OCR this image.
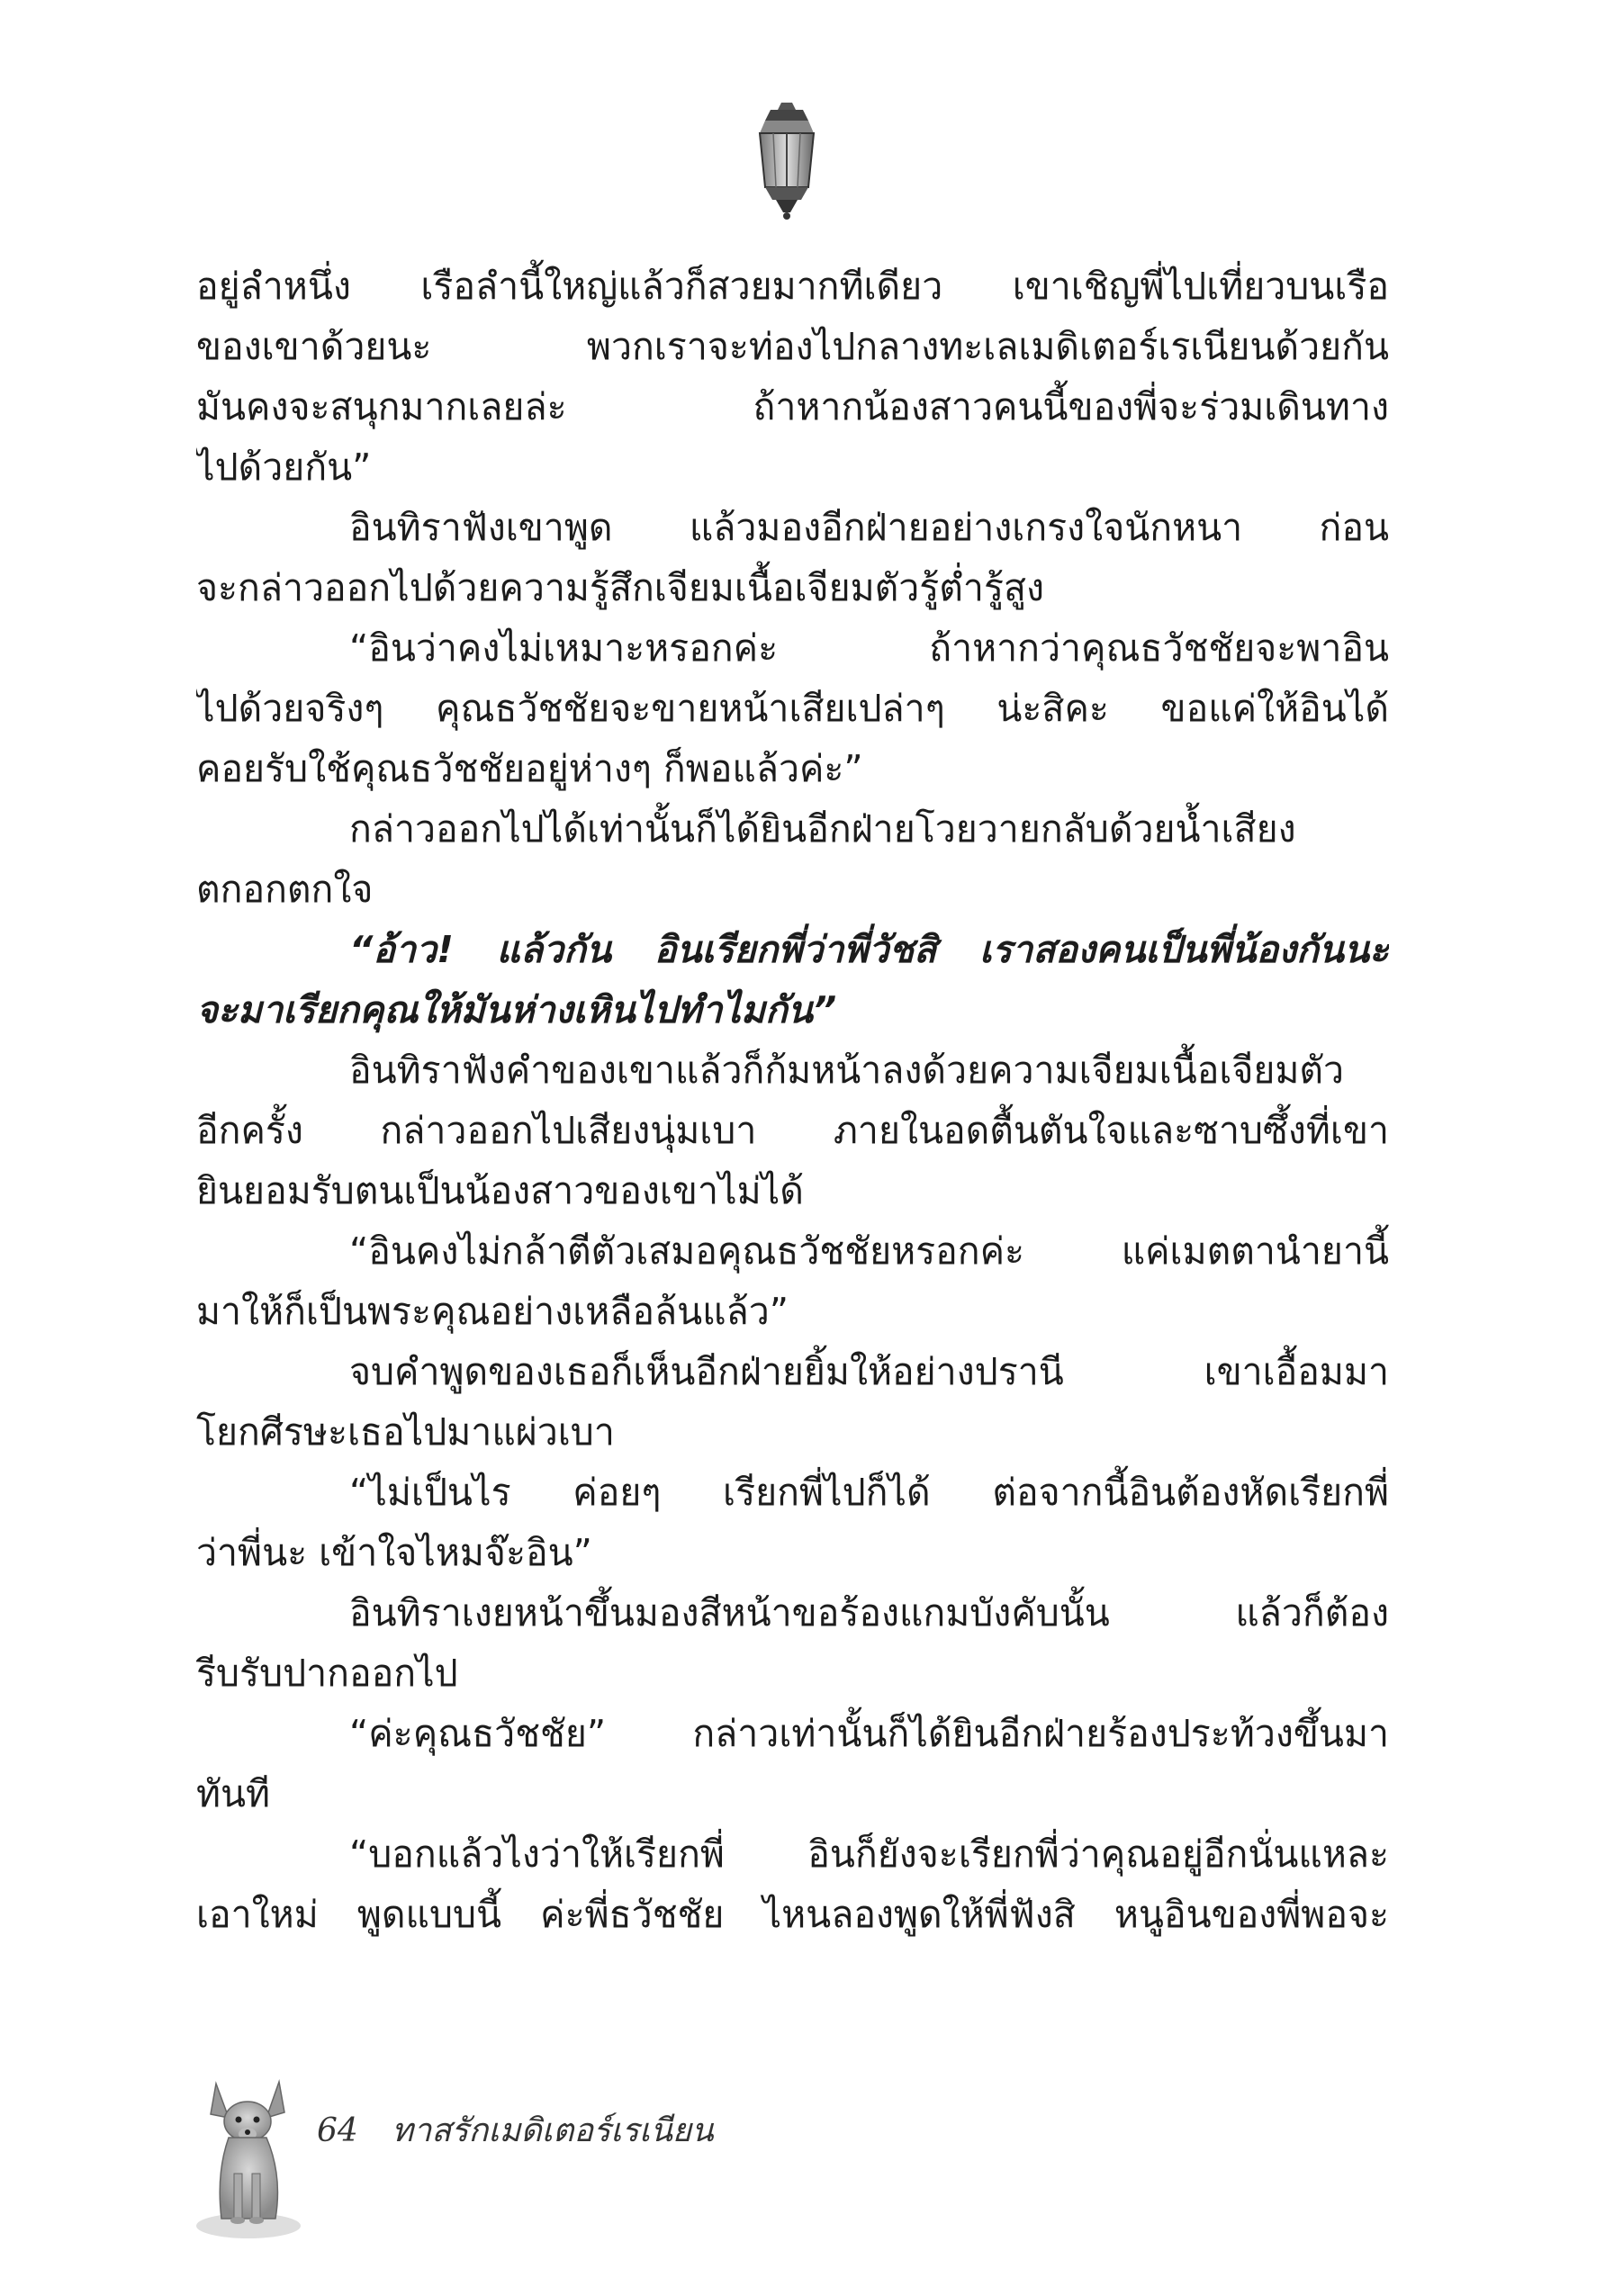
อยู่ลำหนึ่ง เรือลำนี้ใหญ่แล้วก็สวยมากทีเดียว เขาเชิญพี่ไปเที่ยวบนเรือ
ของเขาด้วยนะ พวกเราจะท่องไปกลางทะเลเมดิเตอร์เรเนียนด้วยกัน
มันคงจะสนุกมากเลยล่ะ ถ้าหากน้องสาวคนนี้ของพี่จะร่วมเดินทาง
ไปด้วยกัน”
อินทิราฟังเขาพูด แล้วมองอีกฝ่ายอย่างเกรงใจนักหนา ก่อน
จะกล่าวออกไปด้วยความรู้สึกเจียมเนื้อเจียมตัวรู้ต่ำรู้สูง
“อินว่าคงไม่เหมาะหรอกค่ะ ถ้าหากว่าคุณธวัชชัยจะพาอิน
ไปด้วยจริงๆ คุณธวัชชัยจะขายหน้าเสียเปล่าๆ น่ะสิคะ ขอแค่ให้อินได้
คอยรับใช้คุณธวัชชัยอยู่ห่างๆ ก็พอแล้วค่ะ”
กล่าวออกไปได้เท่านั้นก็ได้ยินอีกฝ่ายโวยวายกลับด้วยน้ำเสียง
ตกอกตกใจ
“อ้าว! แล้วกัน อินเรียกพี่ว่าพี่วัชสิ เราสองคนเป็นพี่น้องกันนะ
จะมาเรียกคุณให้มันห่างเหินไปทำไมกัน”
อินทิราฟังคำของเขาแล้วก็ก้มหน้าลงด้วยความเจียมเนื้อเจียมตัว
อีกครั้ง กล่าวออกไปเสียงนุ่มเบา ภายในอดตื้นตันใจและซาบซึ้งที่เขา
ยินยอมรับตนเป็นน้องสาวของเขาไม่ได้
“อินคงไม่กล้าตีตัวเสมอคุณธวัชชัยหรอกค่ะ แค่เมตตานำยานี้
มาให้ก็เป็นพระคุณอย่างเหลือล้นแล้ว”
จบคำพูดของเธอก็เห็นอีกฝ่ายยิ้มให้อย่างปรานี เขาเอื้อมมา
โยกศีรษะเธอไปมาแผ่วเบา
“ไม่เป็นไร ค่อยๆ เรียกพี่ไปก็ได้ ต่อจากนี้อินต้องหัดเรียกพี่
ว่าพี่นะ เข้าใจไหมจ๊ะอิน”
อินทิราเงยหน้าขึ้นมองสีหน้าขอร้องแกมบังคับนั้น แล้วก็ต้อง
รีบรับปากออกไป
“ค่ะคุณธวัชชัย” กล่าวเท่านั้นก็ได้ยินอีกฝ่ายร้องประท้วงขึ้นมา
ทันที
“บอกแล้วไงว่าให้เรียกพี่ อินก็ยังจะเรียกพี่ว่าคุณอยู่อีกนั่นแหละ
เอาใหม่ พูดแบบนี้ ค่ะพี่ธวัชชัย ไหนลองพูดให้พี่ฟังสิ หนูอินของพี่พอจะ
64 ทาสรักเมดิเตอร์เรเนียน
